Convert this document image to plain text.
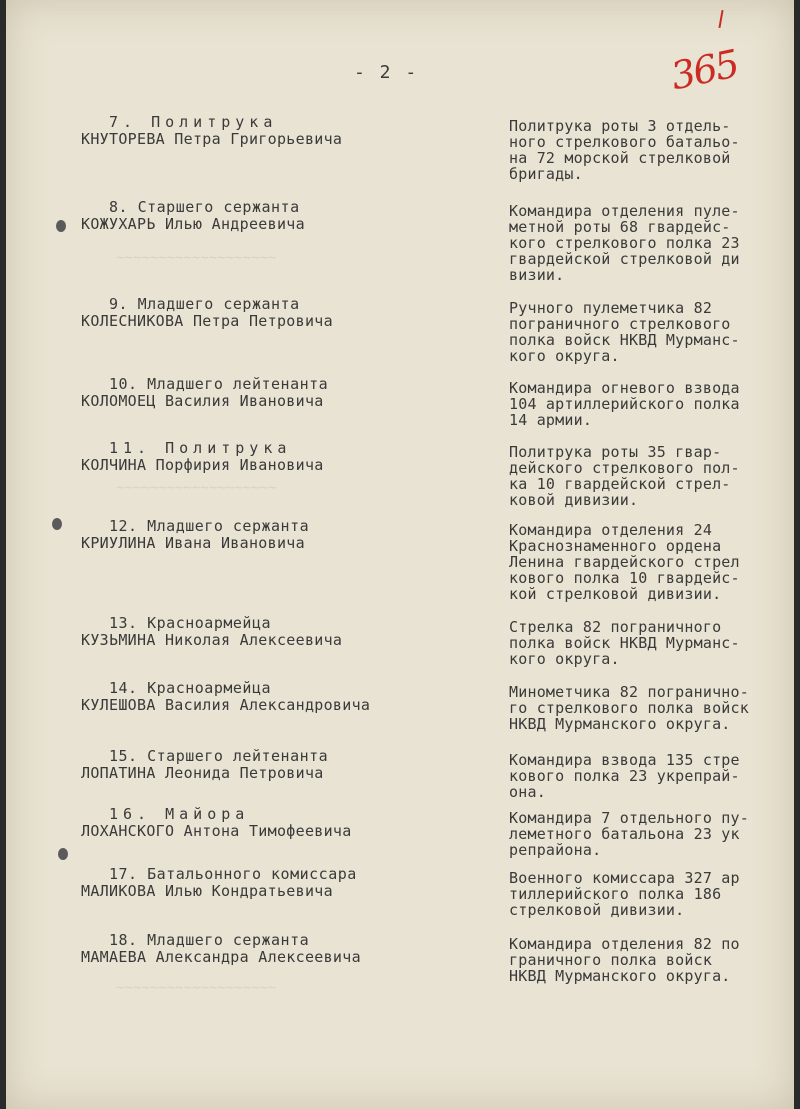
~~~~~~~~~~~~~~~~~~~
~~~~~~~~~~~~~~~~~~~
~~~~~~~~~~~~~~~~~~~
365
- 2 -
7. Политрука
КНУТОРЕВА Петра Григорьевича
Политрука роты 3 отдель-
ного стрелкового батальо-
на 72 морской стрелковой
бригады.
8. Старшего сержанта
КОЖУХАРЬ Илью Андреевича
Командира отделения пуле-
метной роты 68 гвардейс-
кого стрелкового полка 23
гвардейской стрелковой ди
визии.
9. Младшего сержанта
КОЛЕСНИКОВА Петра Петровича
Ручного пулеметчика 82
пограничного стрелкового
полка войск НКВД Мурманс-
кого округа.
10. Младшего лейтенанта
КОЛОМОЕЦ Василия Ивановича
Командира огневого взвода
104 артиллерийского полка
14 армии.
11. Политрука
КОЛЧИНА Порфирия Ивановича
Политрука роты 35 гвар-
дейского стрелкового пол-
ка 10 гвардейской стрел-
ковой дивизии.
12. Младшего сержанта
КРИУЛИНА Ивана Ивановича
Командира отделения 24
Краснознаменного ордена
Ленина гвардейского стрел
кового полка 10 гвардейс-
кой стрелковой дивизии.
13. Красноармейца
КУЗЬМИНА Николая Алексеевича
Стрелка 82 пограничного
полка войск НКВД Мурманс-
кого округа.
14. Красноармейца
КУЛЕШОВА Василия Александровича
Минометчика 82 погранично-
го стрелкового полка войск
НКВД Мурманского округа.
15. Старшего лейтенанта
ЛОПАТИНА Леонида Петровича
Командира взвода 135 стре
кового полка 23 укрепрай-
она.
16. Майора
ЛОХАНСКОГО Антона Тимофеевича
Командира 7 отдельного пу-
леметного батальона 23 ук
репрайона.
17. Батальонного комиссара
МАЛИКОВА Илью Кондратьевича
Военного комиссара 327 ар
тиллерийского полка 186
стрелковой дивизии.
18. Младшего сержанта
МАМАЕВА Александра Алексеевича
Командира отделения 82 по
граничного полка войск
НКВД Мурманского округа.
